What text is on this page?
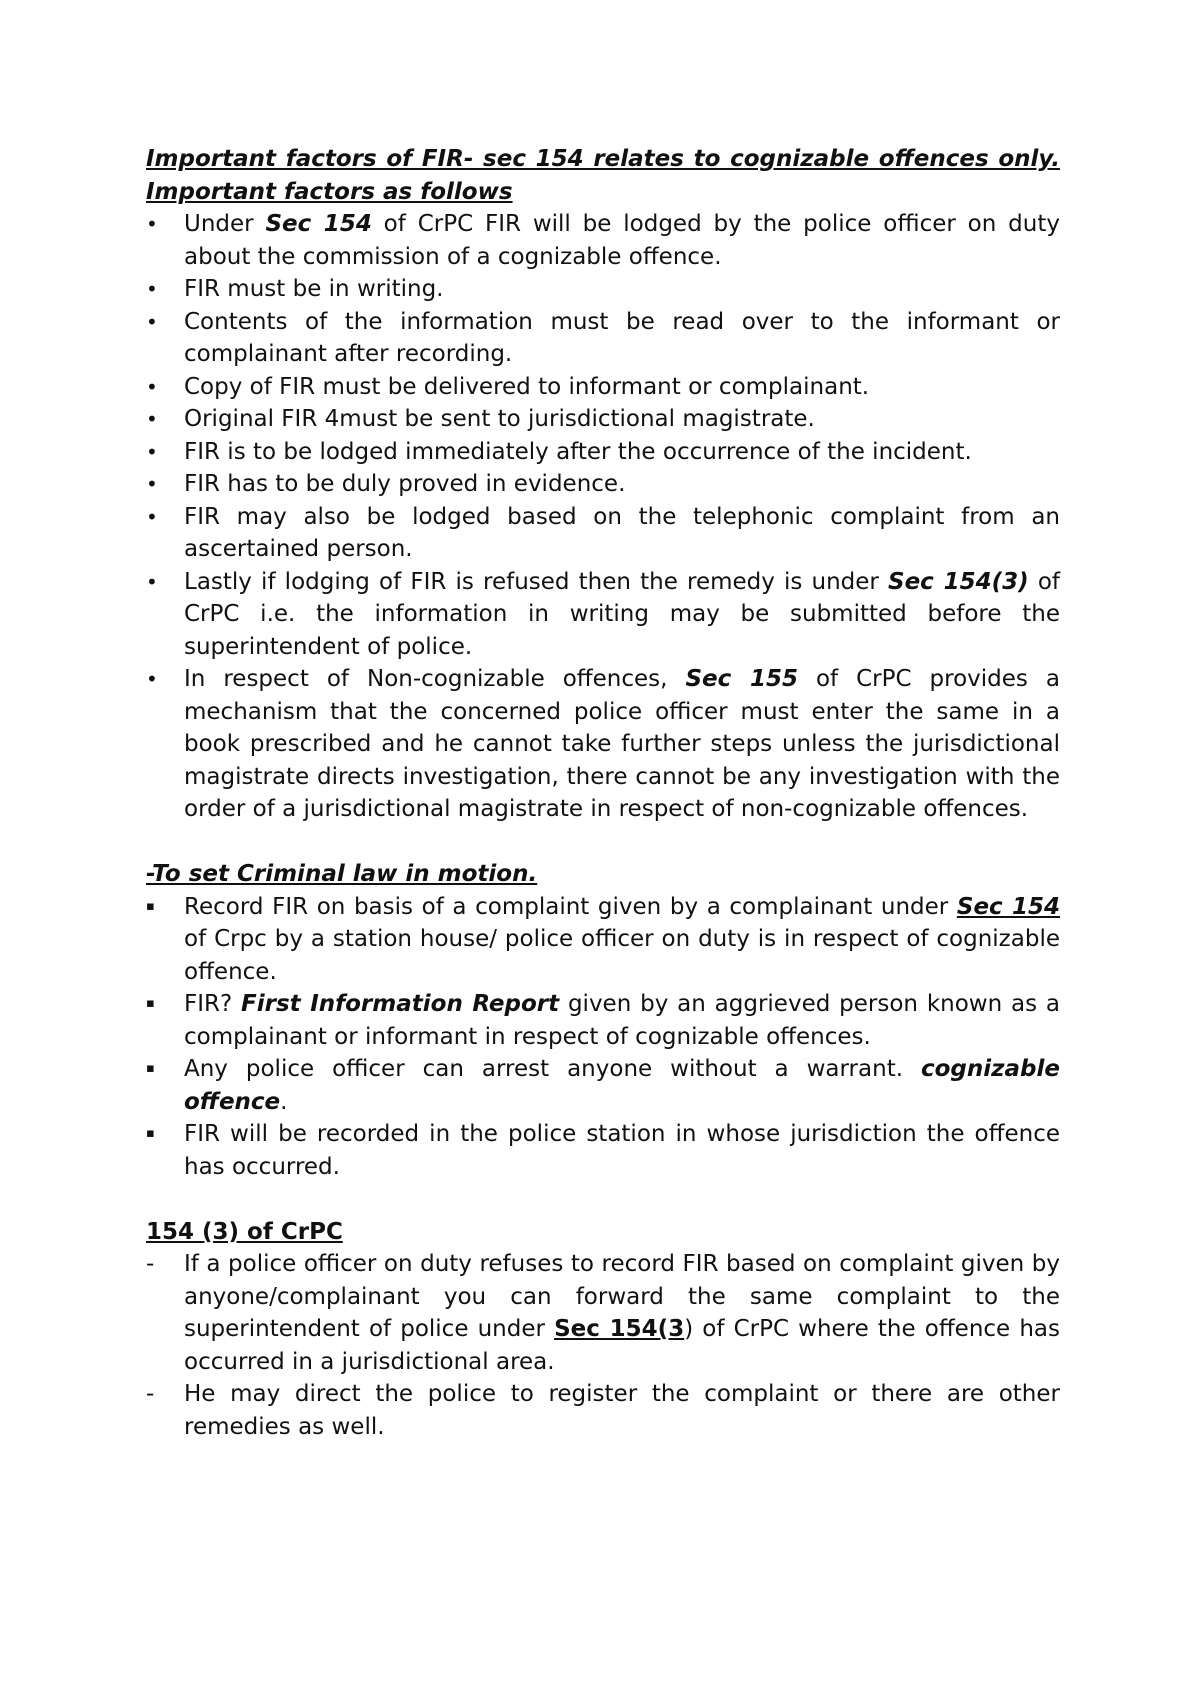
Important factors of FIR- sec 154 relates to cognizable offences only. Important factors as follows

•	Under Sec 154 of CrPC FIR will be lodged by the police officer on duty about the commission of a cognizable offence.
•	FIR must be in writing.
•	Contents of the information must be read over to the informant or complainant after recording.
•	Copy of FIR must be delivered to informant or complainant.
•	Original FIR 4must be sent to jurisdictional magistrate.
•	FIR is to be lodged immediately after the occurrence of the incident.
•	FIR has to be duly proved in evidence.
•	FIR may also be lodged based on the telephonic complaint from an ascertained person.
•	Lastly if lodging of FIR is refused then the remedy is under Sec 154(3) of CrPC i.e. the information in writing may be submitted before the superintendent of police.
•	In respect of Non-cognizable offences, Sec 155 of CrPC provides a mechanism that the concerned police officer must enter the same in a book prescribed and he cannot take further steps unless the jurisdictional magistrate directs investigation, there cannot be any investigation with the order of a jurisdictional magistrate in respect of non-cognizable offences.

-To set Criminal law in motion.

▪	Record FIR on basis of a complaint given by a complainant under Sec 154 of Crpc by a station house/ police officer on duty is in respect of cognizable offence.
▪	FIR? First Information Report given by an aggrieved person known as a complainant or informant in respect of cognizable offences.
▪	Any police officer can arrest anyone without a warrant. cognizable offence.
▪	FIR will be recorded in the police station in whose jurisdiction the offence has occurred.

154 (3) of CrPC

-	If a police officer on duty refuses to record FIR based on complaint given by anyone/complainant you can forward the same complaint to the superintendent of police under Sec 154(3) of CrPC where the offence has occurred in a jurisdictional area.
-	He may direct the police to register the complaint or there are other remedies as well.
